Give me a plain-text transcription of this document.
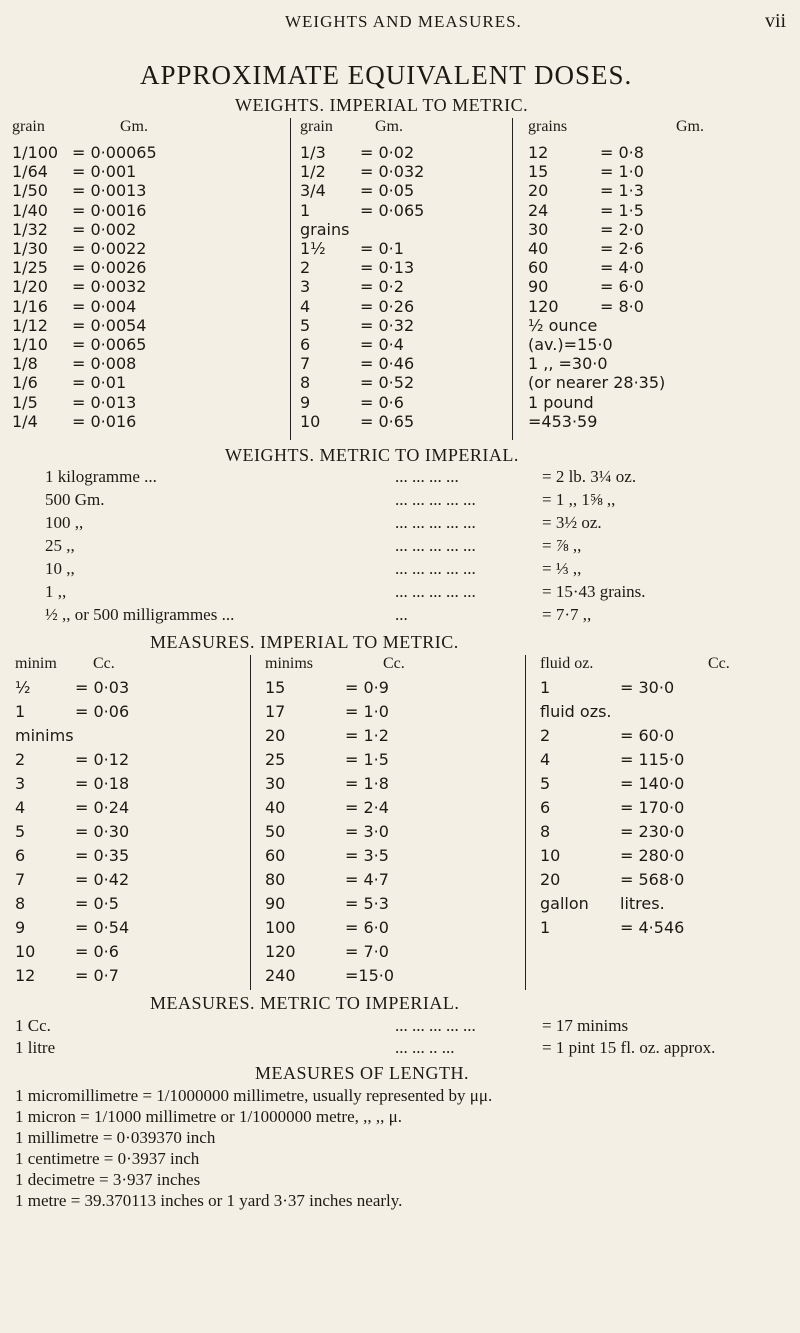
WEIGHTS AND MEASURES.	vii
APPROXIMATE EQUIVALENT DOSES.
WEIGHTS. IMPERIAL TO METRIC.
grain	Gm.
1/100 = 0·00065
1/64 = 0·001
1/50 = 0·0013
1/40 = 0·0016
1/32 = 0·002
1/30 = 0·0022
1/25 = 0·0026
1/20 = 0·0032
1/16 = 0·004
1/12 = 0·0054
1/10 = 0·0065
1/8 = 0·008
1/6 = 0·01
1/5 = 0·013
1/4 = 0·016
grain	Gm.
1/3 = 0·02
1/2 = 0·032
3/4 = 0·05
1	= 0·065
grains
1½ = 0·1
2	= 0·13
3	= 0·2
4	= 0·26
5	= 0·32
6	= 0·4
7	= 0·46
8	= 0·52
9	= 0·6
10 = 0·65
grains	Gm.
12	= 0·8
15	= 1·0
20	= 1·3
24	= 1·5
30	= 2·0
40	= 2·6
60	= 4·0
90	= 6·0
120	= 8·0
½ ounce
(av.)=15·0
1 ,, =30·0
(or nearer 28·35)
1 pound
=453·59
WEIGHTS. METRIC TO IMPERIAL.
1 kilogramme ...	... ... ... ...	= 2 lb. 3¼ oz.
500 Gm.	... ... ... ... ...	= 1 ,, 1⅝ ,,
100 ,,	... ... ... ... ...	= 3½ oz.
25 ,,	... ... ... ... ...	= ⅞ ,,
10 ,,	... ... ... ... ...	= ⅓ ,,
1 ,,	... ... ... ... ...	= 15·43 grains.
½ ,, or 500 milligrammes ...	...	= 7·7 ,,
MEASURES. IMPERIAL TO METRIC.
minim Cc.
½	= 0·03
1	= 0·06
minims
2	= 0·12
3	= 0·18
4	= 0·24
5	= 0·30
6	= 0·35
7	= 0·42
8	= 0·5
9	= 0·54
10 = 0·6
12 = 0·7
minims	Cc.
15	= 0·9
17	= 1·0
20	= 1·2
25	= 1·5
30	= 1·8
40	= 2·4
50	= 3·0
60	= 3·5
80	= 4·7
90	= 5·3
100	= 6·0
120	= 7·0
240	=15·0
fluid oz.	Cc.
1	= 30·0
fluid ozs.
2	= 60·0
4	= 115·0
5	= 140·0
6	= 170·0
8	= 230·0
10	= 280·0
20	= 568·0
gallon litres.
1	= 4·546
MEASURES. METRIC TO IMPERIAL.
1 Cc.	... ... ... ... ...	= 17 minims
1 litre	... ... .. ...	= 1 pint 15 fl. oz. approx.
MEASURES OF LENGTH.
1 micromillimetre = 1/1000000 millimetre, usually represented by μμ.
1 micron = 1/1000 millimetre or 1/1000000 metre, ,, ,, μ.
1 millimetre = 0·039370 inch
1 centimetre = 0·3937 inch
1 decimetre = 3·937 inches
1 metre = 39.370113 inches or 1 yard 3·37 inches nearly.
